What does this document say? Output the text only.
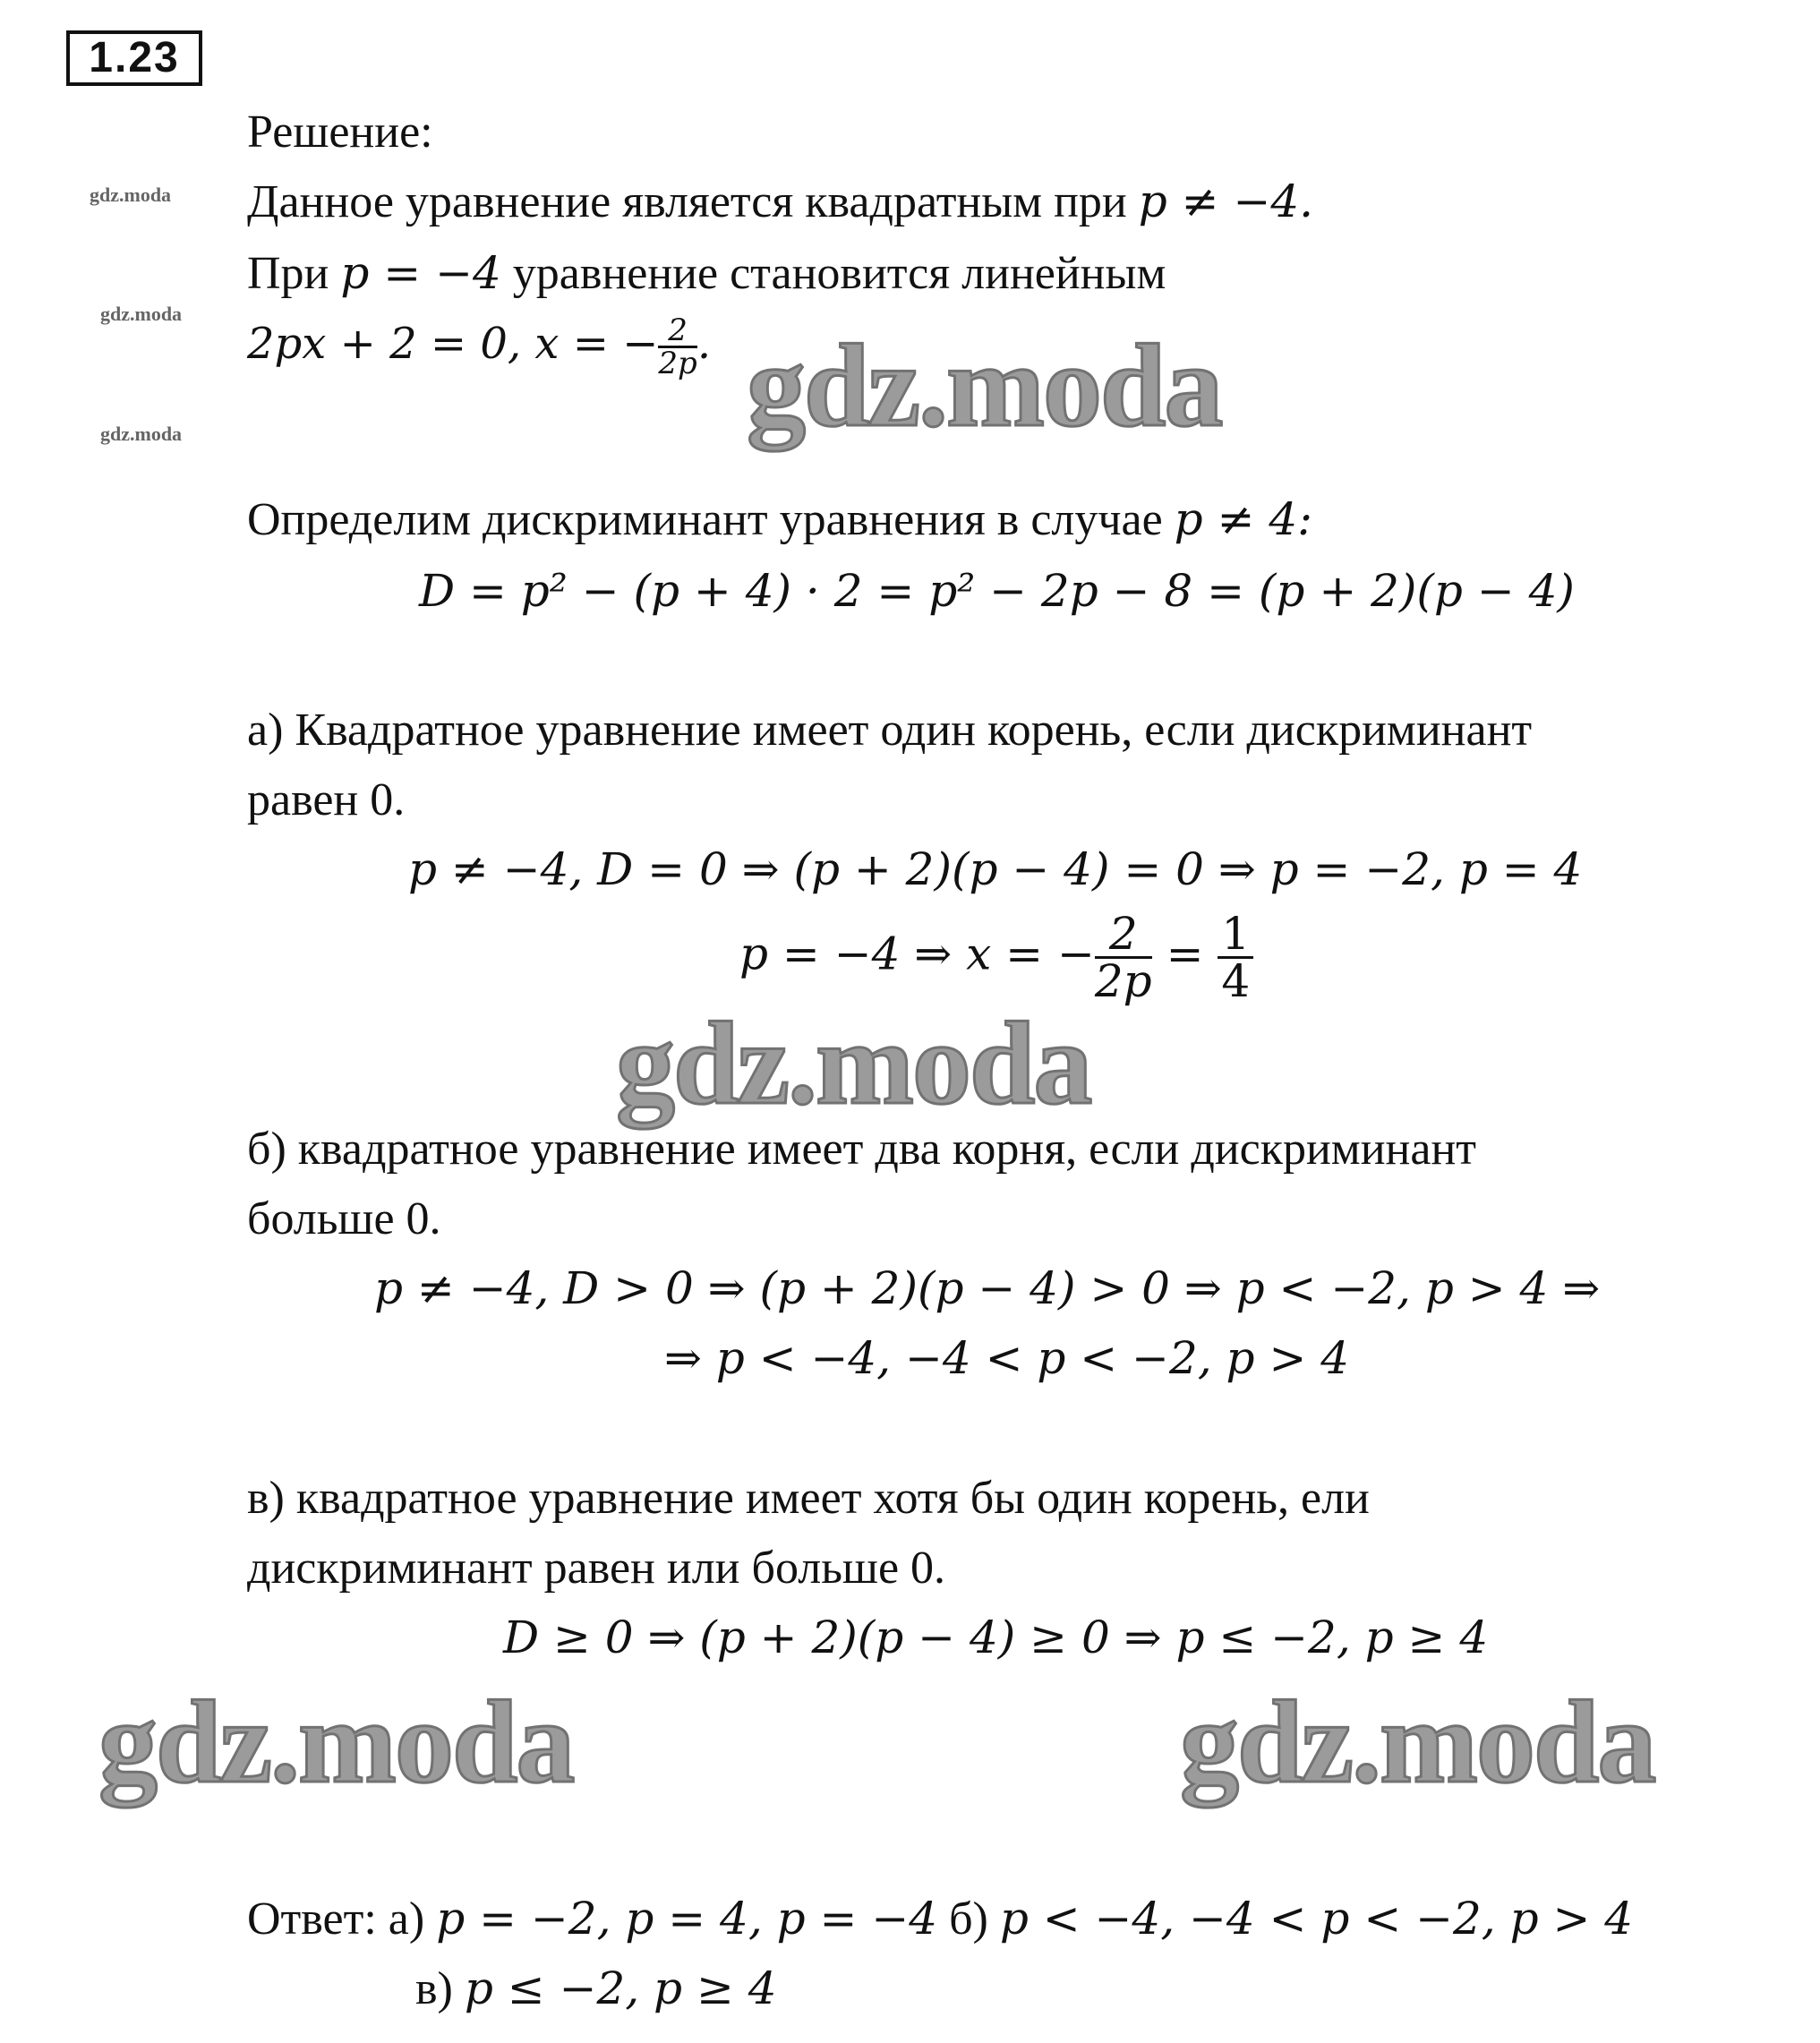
1.23
gdz.moda
gdz.moda
gdz.moda
Решение:
Данное уравнение является квадратным при p ≠ −4.
При p = −4 уравнение становится линейным
2px + 2 = 0, x = − $\frac{2}{2p}$ . gdz.moda
Определим дискриминант уравнения в случае p ≠ 4:
D = p² − (p + 4) · 2 = p² − 2p − 8 = (p + 2)(p − 4)
а) Квадратное уравнение имеет один корень, если дискриминант
равен 0.
p ≠ −4, D = 0 ⇒ (p + 2)(p − 4) = 0 ⇒ p = −2, p = 4
p = −4 ⇒ x = − $\frac{2}{2p} = \frac{1}{4}$
gdz.moda
б) квадратное уравнение имеет два корня, если дискриминант
больше 0.
p ≠ −4, D > 0 ⇒ (p + 2)(p − 4) > 0 ⇒ p < −2, p > 4 ⇒
⇒ p < −4, −4 < p < −2, p > 4
в) квадратное уравнение имеет хотя бы один корень, ели
дискриминант равен или больше 0.
D ≥ 0 ⇒ (p + 2)(p − 4) ≥ 0 ⇒ p ≤ −2, p ≥ 4
gdz.moda	gdz.moda
Ответ: а) p = −2, p = 4, p = −4 б) p < −4, −4 < p < −2, p > 4
в) p ≤ −2, p ≥ 4
